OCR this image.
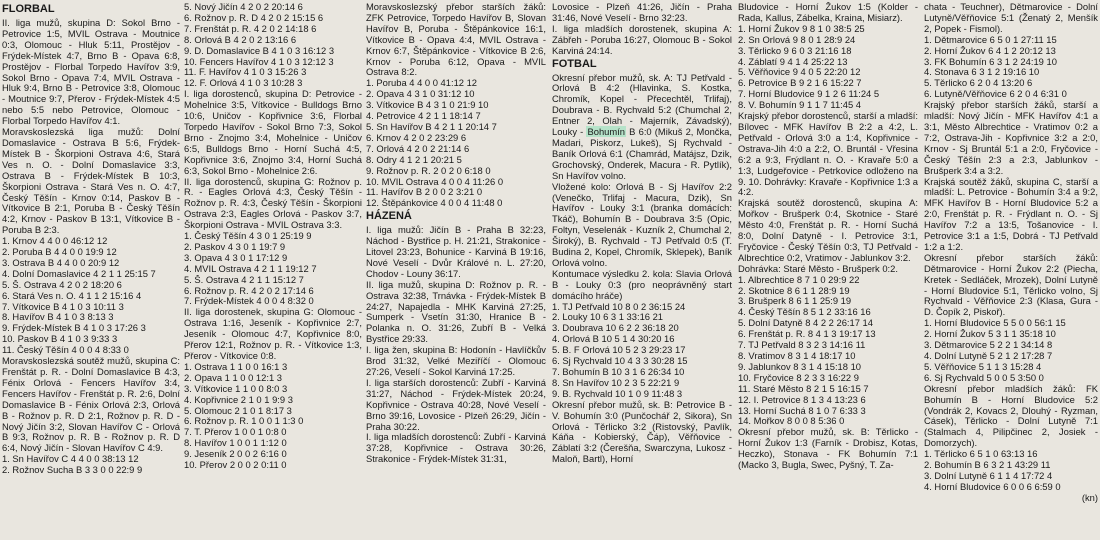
FLORBAL

II. liga mužů, skupina D: Sokol Brno - Petrovice 1:5, MVIL Ostrava - Moutnice 0:3, Olomouc - Hluk 5:11, Prostějov - Frýdek-Místek 4:7, Brno B - Opava 6:8, Prostějov - Florbal Torpedo Havířov 3:9, Sokol Brno - Opava 7:4, MVIL Ostrava - Hluk 9:4, Brno B - Petrovice 3:8, Olomouc - Moutnice 9:7, Přerov - Frýdek-Místek 4:5 nebo 5:5 nebo Petrovice, Olomouc - Florbal Torpedo Havířov 4:1.

Moravskoslezská liga mužů: Dolní Domaslavice - Ostrava B 5:6, Frýdek-Místek B - Škorpioni Ostrava 4:6, Stará Ves n. O. - Dolní Domaslavice 3:3, Ostrava B - Frýdek-Místek B 10:3, Škorpioni Ostrava - Stará Ves n. O. 4:7, Český Těšín - Krnov 0:14, Paskov B - Vítkovice B 2:1, Poruba B - Český Těšín 4:2, Krnov - Paskov B 13:1, Vítkovice B - Poruba B 2:3.

1. Krnov 4 4 0 0 46:12 12
2. Poruba B 4 4 0 0 19:9 12
3. Ostrava B 4 4 0 0 20:9 12
4. Dolní Domaslavice 4 2 1 1 25:15 7
5. Š. Ostrava 4 2 0 2 18:20 6
6. Stará Ves n. O. 4 1 1 2 15:16 4
7. Vítkovice B 4 1 0 3 10:11 3
8. Havířov B 4 1 0 3 8:13 3
9. Frýdek-Místek B 4 1 0 3 17:26 3
10. Paskov B 4 1 0 3 9:33 3
11. Český Těšín 4 0 0 4 8:33 0

Moravskoslezská soutěž mužů, skupina C: Frenštát p. R. - Dolní Domaslavice B 4:3, Fénix Orlová - Fencers Havířov 3:4, Fencers Havířov - Frenštát p. R. 2:6, Dolní Domaslavice B - Fénix Orlová 2:3, Orlová B - Rožnov p. R. D 2:1, Rožnov p. R. D - Nový Jičín 3:2, Slovan Havířov C - Orlová B 9:3, Rožnov p. R. B - Rožnov p. R. D 6:4, Nový Jičín - Slovan Havířov C 4:9.

1. Sn Havířov C 4 4 0 0 38:13 12
2. Rožnov Sucha B 3 3 0 0 22:9 9
5. Nový Jičín 4 2 0 2 20:14 6
6. Rožnov p. R. D 4 2 0 2 15:15 6
7. Frenštát p. R. 4 2 0 2 14:18 6
8. Orlová B 4 2 0 2 13:16 6
9. D. Domaslavice B 4 1 0 3 16:12 3
10. Fencers Havířov 4 1 0 3 12:12 3
11. F. Havířov 4 1 0 3 15:26 3
12. F. Orlová 4 1 0 3 10:28 3

I. liga dorostenců, skupina D: Petrovice - Mohelnice 3:5, Vítkovice - Bulldogs Brno 10:6, Uničov - Kopřivnice 3:6, Florbal Torpedo Havířov - Sokol Brno 7:3, Sokol Brno - Znojmo 3:4, Mohelnice - Uničov 6:5, Bulldogs Brno - Horní Suchá 4:5, Kopřivnice 3:6, Znojmo 3:4, Horní Suchá 6:3, Sokol Brno - Mohelnice 2:6.

II. liga dorostenců, skupina G: Rožnov p. R. - Eagles Orlová 4:3, Český Těšín - Rožnov p. R. 4:3, Český Těšín - Škorpioni Ostrava 2:3, Eagles Orlová - Paskov 3:7, Škorpioni Ostrava - MVIL Ostrava 3:3.

1. Český Těšín 4 3 0 1 25:19 9
2. Paskov 4 3 0 1 19:7 9
3. Opava 4 3 0 1 17:12 9
4. MVIL Ostrava 4 2 1 1 19:12 7
5. Š. Ostrava 4 2 1 1 15:12 7
6. Rožnov p. R. 4 2 0 2 17:14 6
7. Frýdek-Místek 4 0 0 4 8:32 0

II. liga dorostenek, skupina G: Olomouc - Ostrava 1:16, Jeseník - Kopřivnice 2:7, Jeseník - Olomouc 4:7, Kopřivnice 8:0, Přerov 12:1, Rožnov p. R. - Vítkovice 1:3, Přerov - Vítkovice 0:8.

1. Ostrava 1 1 0 0 16:1 3
2. Opava 1 1 0 0 12:1 3
3. Vítkovice 1 1 0 0 8:0 3
4. Kopřivnice 2 1 0 1 9:9 3
5. Olomouc 2 1 0 1 8:17 3
6. Rožnov p. R. 1 0 0 1 1:3 0
7. T. Přerov 1 0 0 1 0:8 0
8. Havířov 1 0 0 1 1:12 0
9. Jeseník 2 0 0 2 6:16 0
10. Přerov 2 0 0 2 0:11 0

Moravskoslezský přebor starších žáků: ZFK Petrovice, Torpedo Havířov B, Slovan Havířov B, Poruba - Štěpánkovice 16:1, Vítkovice B - Opava 4:4, MVIL Ostrava - Krnov 6:7, Štěpánkovice - Vítkovice B 2:6, Krnov - Poruba 6:12, Opava - MVIL Ostrava 8:2.

1. Poruba 4 4 0 0 41:12 12
2. Opava 4 3 1 0 31:12 10
3. Vítkovice B 4 3 1 0 21:9 10
4. Petrovice 4 2 1 1 18:14 7
5. Sn Havířov B 4 2 1 1 20:14 7
6. Krnov 4 2 0 2 23:29 6
7. Orlová 4 2 0 2 21:14 6
8. Odry 4 1 2 1 20:21 5
9. Rožnov p. R. 2 0 2 0 6:18 0
10. MVIL Ostrava 4 0 0 4 11:26 0
11. Havířov B 2 0 0 2 3:21 0
12. Štěpánkovice 4 0 0 4 11:48 0

HÁZENÁ

I. liga mužů: Jičín B - Praha B 32:23, Náchod - Bystřice p. H. 21:21, Strakonice - Litovel 23:23, Bohunice - Karviná B 19:16, Nové Veselí - Dvůr Králové n. L. 27:20, Chodov - Louny 36:17.

II. liga mužů, skupina D: Rožnov p. R. - Ostrava 32:38, Trnávka - Frýdek-Místek B 24:27, Napajedla - MHK Karviná 27:25, Sumperk - Vsetín 31:30, Hranice B - Polanka n. O. 31:26, Zubří B - Velká Bystřice 29:33.

I. liga žen, skupina B: Hodonín - Havlíčkův Brod 31:32, Velké Meziříčí - Olomouc 27:26, Veselí - Sokol Karviná 17:25.

I. liga starších dorostenců: Zubří - Karviná 31:27, Náchod - Frýdek-Místek 20:24, Kopřivnice - Ostrava 40:28, Nové Veselí - Brno 39:16, Lovosice - Plzeň 26:29, Jičín - Praha 30:22.

I. liga mladších dorostenců: Zubří - Karviná 37:28, Kopřivnice - Ostrava 30:26, Strakonice - Frýdek-Místek 31:31,

Lovosice - Plzeň 41:26, Jičín - Praha 31:46, Nové Veselí - Brno 32:23.

I. liga mladších dorostenek, skupina A: Zábřeh - Poruba 16:27, Olomouc B - Sokol Karviná 24:14.

FOTBAL

Okresní přebor mužů, sk. A: TJ Petřvald - Orlová B 4:2 (Hlavinka, S. Kostka, Chromík, Kopel - Přecechtěl, Trlifaj), Doubrava - B. Rychvald 5:2 (Chumchal 2, Entner 2, Olah - Majerník, Závadský), Louky - Bohumín B 6:0 (Mikuš 2, Mončka, Madari, Piskorz, Lukeš), Sj Rychvald - Baník Orlová 6:1 (Chamrád, Matájsz, Dzik, Grochovský, Onderek, Macura - R. Pytlík), Sn Havířov volno.

Vložené kolo: Orlová B - Sj Havířov 2:2 (Venečko, Trlifaj - Macura, Dzik), Sn Havířov - Louky 3:1 (branka domácích: Tkáč), Bohumín B - Doubrava 3:5 (Opic, Foltyn, Veselenák - Kuzník 2, Chumchal 2, Široký), B. Rychvald - TJ Petřvald 0:5 (T. Budina 2, Kopel, Chromík, Sklepek), Baník Orlová volno.

Kontumace výsledku 2. kola: Slavia Orlová B - Louky 0:3 (pro neoprávněný start domácího hráče)

1. TJ Petřvald 10 8 0 2 36:15 24
2. Louky 10 6 3 1 33:16 21
3. Doubrava 10 6 2 2 36:18 20
4. Orlová B 10 5 1 4 30:20 16
5. B. F Orlová 10 5 2 3 29:23 17
6. Sj Rychvald 10 4 3 3 30:28 15
7. Bohumín B 10 3 1 6 26:34 10
8. Sn Havířov 10 2 3 5 22:21 9
9. B. Rychvald 10 1 0 9 11:48 3

Okresní přebor mužů, sk. B: Petrovice B - V. Bohumín 3:0 (Punčochář 2, Sikora), Sn Orlová - Těrlicko 3:2 (Ristovský, Pavlík, Káňa - Kobierský, Čáp), Věřňovice - Záblatí 3:2 (Čerešňa, Swarczyna, Lukosz - Maloň, Bartl), Horní

Bludovice - Horní Žukov 1:5 (Kolder - Rada, Kallus, Zábelka, Kraina, Misiarz).

1. Horní Žukov 9 8 1 0 38:5 25
2. Sn Orlová 9 8 0 1 28:9 24
3. Těrlicko 9 6 0 3 21:16 18
4. Záblatí 9 4 1 4 25:22 13
5. Věřňovice 9 4 0 5 22:20 12
6. Petrovice B 9 2 1 6 15:22 7
7. Horní Bludovice 9 1 2 6 11:24 5
8. V. Bohumín 9 1 1 7 11:45 4

Krajský přebor dorostenců, starší a mladší: Bílovec - MFK Havířov B 2:2 a 4:2, L. Petřvald - Orlová 3:0 a 1:4, Kopřivnice - Ostrava-Jih 4:0 a 2:2, O. Bruntál - Vřesina 6:2 a 9:3, Frýdlant n. O. - Kravaře 5:0 a 1:3, Ludgeřovice - Petrkovice odloženo na 9. 10. Dohrávky: Kravaře - Kopřivnice 1:3 a 4:2.

Krajská soutěž dorostenců, skupina A: Mořkov - Brušperk 0:4, Skotnice - Staré Město 4:0, Frenštát p. R. - Horní Suchá 8:0, Dolní Datyně - I. Petrovice 3:1, Fryčovice - Český Těšín 0:3, TJ Petřvald - Albrechtice 0:2, Vratimov - Jablunkov 3:2.

Dohrávka: Staré Město - Brušperk 0:2.

1. Albrechtice 8 7 1 0 29:9 22
2. Skotnice 8 6 1 1 28:9 19
3. Brušperk 8 6 1 1 25:9 19
4. Český Těšín 8 5 1 2 33:16 16
5. Dolní Datyně 8 4 2 2 26:17 14
6. Frenštát p. R. 8 4 1 3 19:17 13
7. TJ Petřvald 8 3 2 3 14:16 11
8. Vratimov 8 3 1 4 18:17 10
9. Jablunkov 8 3 1 4 15:18 10
10. Fryčovice 8 2 3 3 16:22 9
11. Staré Město 8 2 1 5 16:15 7
12. I. Petrovice 8 1 3 4 13:23 6
13. Horní Suchá 8 1 0 7 6:33 3
14. Mořkov 8 0 0 8 5:36 0

Okresní přebor mužů, sk. B: Těrlicko - Horní Žukov 1:3 (Farník - Drobisz, Kotas, Heczko), Stonava - FK Bohumín 7:1 (Macko 3, Bugla, Swec, Pyšný, T. Za-

chata - Teuchner), Dětmarovice - Dolní Lutyně/Věřňovice 5:1 (Ženatý 2, Menšík 2, Popek - Fismol).

1. Dětmarovice 6 5 0 1 27:11 15
2. Horní Žukov 6 4 1 2 20:12 13
3. FK Bohumín 6 3 1 2 24:19 10
4. Stonava 6 3 1 2 19:16 10
5. Těrlicko 6 2 0 4 13:20 6
6. Lutyně/Věřňovice 6 2 0 4 6:31 0

Krajský přebor starších žáků, starší a mladší: Nový Jičín - MFK Havířov 4:1 a 3:1, Město Albrechtice - Vratimov 0:2 a 7:2, Ostrava-Jih - Kopřivnice 3:2 a 2:0, Krnov - Sj Bruntál 5:1 a 2:0, Fryčovice - Český Těšín 2:3 a 2:3, Jablunkov - Brušperk 3:4 a 3:2.

Krajská soutěž žáků, skupina C, starší a mladší: L. Petrovice - Bohumín 3:4 a 9:2, MFK Havířov B - Horní Bludovice 5:2 a 2:0, Frenštát p. R. - Frýdlant n. O. - Sj Havířov 7:2 a 13:5, Tošanovice - I. Petrovice 3:1 a 1:5, Dobrá - TJ Petřvald 1:2 a 1:2.

Okresní přebor starších žáků: Dětmarovice - Horní Žukov 2:2 (Piecha, Kretek - Sedláček, Mrozek), Dolní Lutyně - Horní Bludovice 5:1, Těrlicko volno, Sj Rychvald - Věřňovice 2:3 (Klasa, Gura - D. Čopík 2, Piskoř).

1. Horní Bludovice 5 5 0 0 56:1 15
2. Horní Žukov 5 3 1 1 35:18 10
3. Dětmarovice 5 2 2 1 34:14 8
4. Dolní Lutyně 5 2 1 2 17:28 7
5. Věřňovice 5 1 1 3 15:28 4
6. Sj Rychvald 5 0 0 5 3:50 0

Okresní přebor mladších žáků: FK Bohumín B - Horní Bludovice 5:2 (Vondrák 2, Kovacs 2, Dlouhý - Ryzman, Cásek), Těrlicko - Dolní Lutyně 7:1 (Stalmach 4, Pilipčinec 2, Josiek - Domorzych).

1. Těrlicko 6 5 1 0 63:13 16
2. Bohumín B 6 3 2 1 43:29 11
3. Dolní Lutyně 6 1 1 4 17:72 4
4. Horní Bludovice 6 0 0 6 6:59 0

(kn)
